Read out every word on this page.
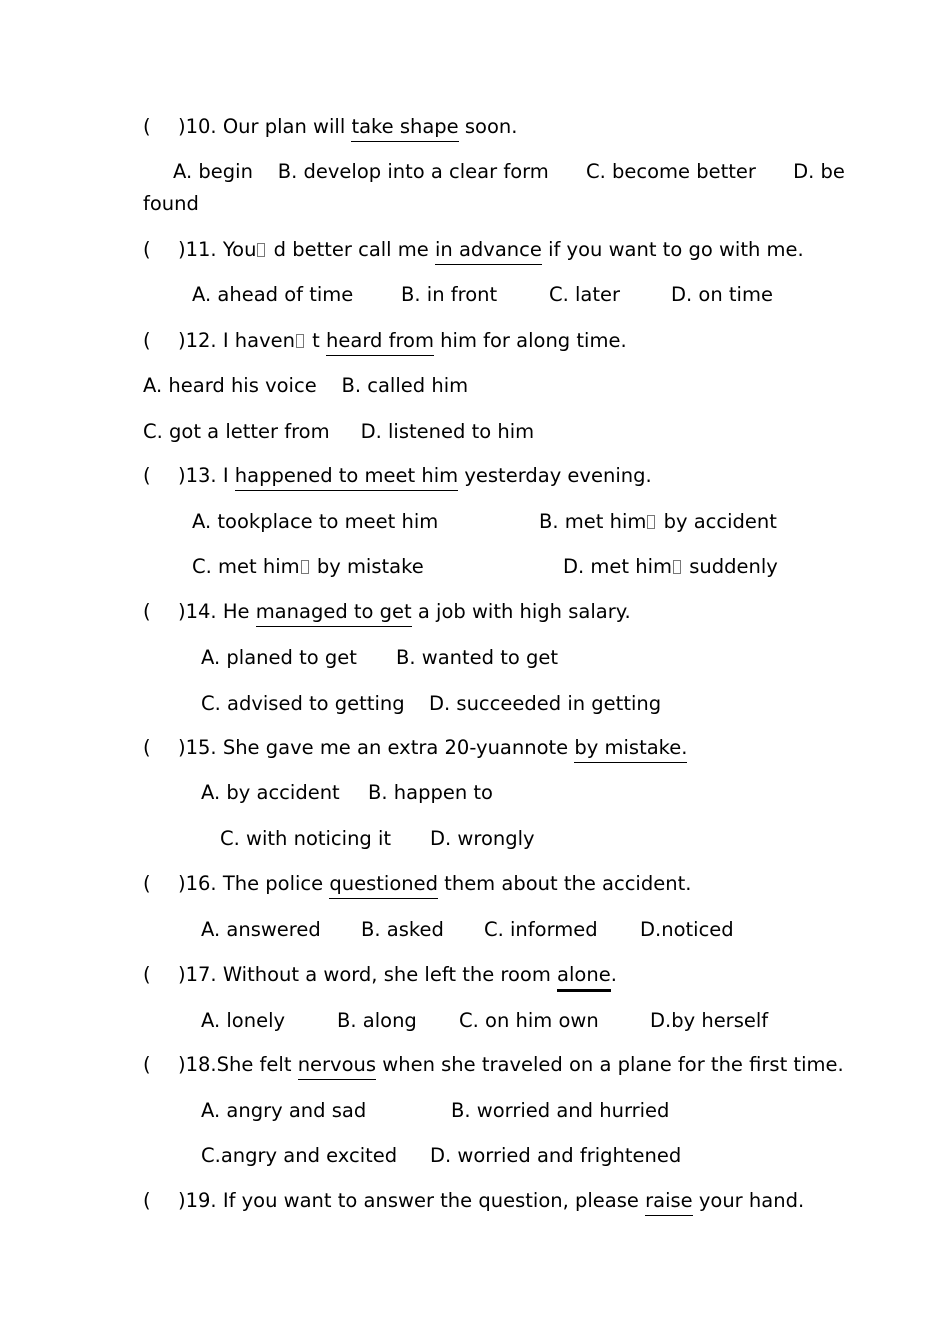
( )10. Our plan will take shape soon.
A. begin    B. develop into a clear form      C. become better      D. be
found
( )11. You d better call me in advance if you want to go with me.
A. ahead of time B. in front	C. later	D. on time
( )12. I haven t heard from him for along time.
A. heard his voice    B. called him
C. got a letter from     D. listened to him
( )13. I happened to meet him yesterday evening.
A. tookplace to meet him	B. met him by accident
C. met him by mistake	D. met him suddenly
( )14. He managed to get a job with high salary.
A. planed to get B. wanted to get
C. advised to getting D. succeeded in getting
( )15. She gave me an extra 20-yuannote by mistake.
A. by accident B. happen to
C. with noticing it D. wrongly
( )16. The police questioned them about the accident.
A. answered B. asked C. informed D.noticed
( )17. Without a word, she left the room alone.
A. lonely	B. along C. on him own	D.by herself
( )18.She felt nervous when she traveled on a plane for the first time.
A. angry and sad	B. worried and hurried
C.angry and excited D. worried and frightened
( )19. If you want to answer the question, please raise your hand.
